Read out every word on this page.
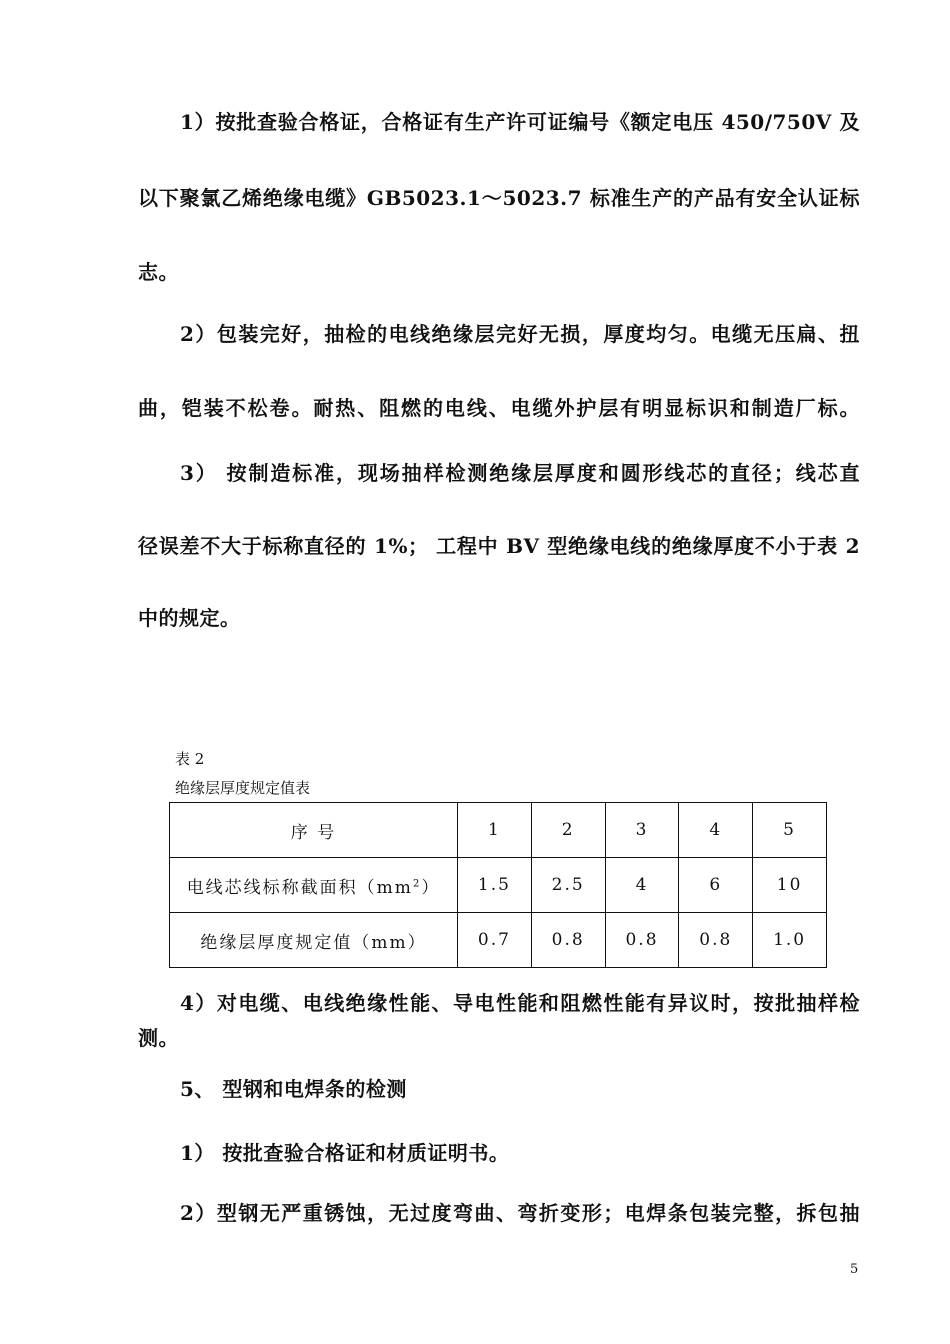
1）按批查验合格证，合格证有生产许可证编号《额定电压 450/750V 及
以下聚氯乙烯绝缘电缆》GB5023.1～5023.7 标准生产的产品有安全认证标
志。
2）包装完好，抽检的电线绝缘层完好无损，厚度均匀。电缆无压扁、扭
曲，铠装不松卷。耐热、阻燃的电线、电缆外护层有明显标识和制造厂标。
3） 按制造标准，现场抽样检测绝缘层厚度和圆形线芯的直径；线芯直
径误差不大于标称直径的 1%； 工程中 BV 型绝缘电线的绝缘厚度不小于表 2
中的规定。
表 2
绝缘层厚度规定值表
序 号	1	2	3	4	5
电线芯线标称截面积$(mm^2)$	1.5	2.5	4	6	10
绝缘层厚度规定值（mm）	0.7	0.8	0.8	0.8	1.0
4）对电缆、电线绝缘性能、导电性能和阻燃性能有异议时，按批抽样检
测。
5、 型钢和电焊条的检测
1） 按批查验合格证和材质证明书。
2）型钢无严重锈蚀，无过度弯曲、弯折变形；电焊条包装完整，拆包抽
5
